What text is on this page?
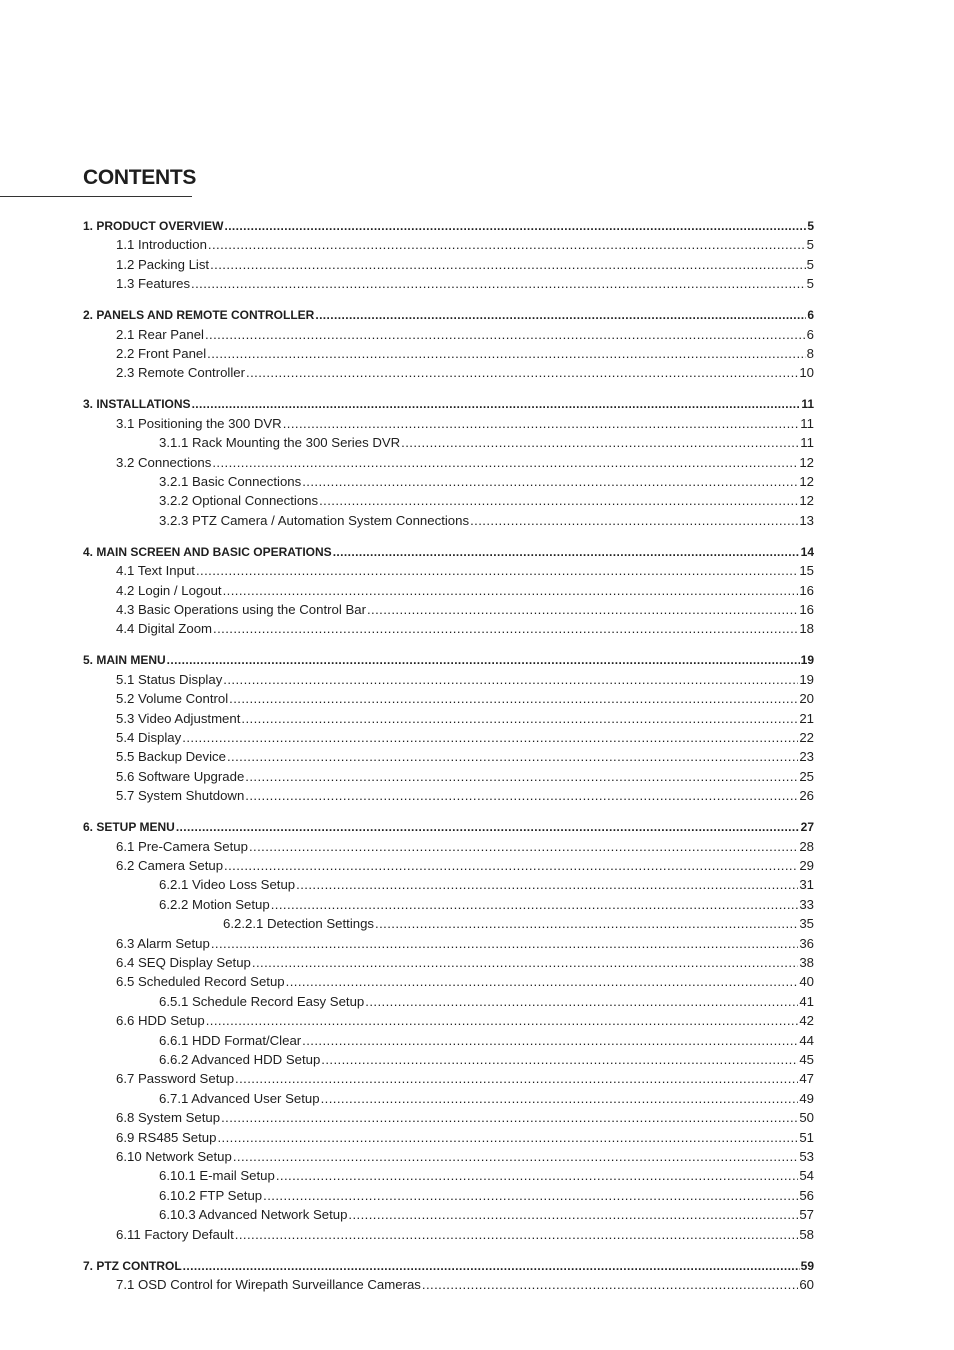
CONTENTS
1. PRODUCT OVERVIEW .....	5
1.1 Introduction .....	5
1.2 Packing List .....	5
1.3 Features .....	5
2. PANELS AND REMOTE CONTROLLER .....	6
2.1 Rear Panel .....	6
2.2 Front Panel .....	8
2.3 Remote Controller .....	10
3. INSTALLATIONS .....	11
3.1 Positioning the 300 DVR .....	11
3.1.1 Rack Mounting the 300 Series DVR .....	11
3.2 Connections .....	12
3.2.1 Basic Connections .....	12
3.2.2 Optional Connections .....	12
3.2.3 PTZ Camera / Automation System Connections .....	13
4. MAIN SCREEN AND BASIC OPERATIONS .....	14
4.1 Text Input .....	15
4.2 Login / Logout .....	16
4.3 Basic Operations using the Control Bar .....	16
4.4 Digital Zoom .....	18
5. MAIN MENU .....	19
5.1 Status Display .....	19
5.2 Volume Control .....	20
5.3 Video Adjustment .....	21
5.4 Display .....	22
5.5 Backup Device .....	23
5.6 Software Upgrade .....	25
5.7 System Shutdown .....	26
6. SETUP MENU .....	27
6.1 Pre-Camera Setup .....	28
6.2 Camera Setup .....	29
6.2.1 Video Loss Setup .....	31
6.2.2 Motion Setup .....	33
6.2.2.1 Detection Settings .....	35
6.3 Alarm Setup .....	36
6.4 SEQ Display Setup .....	38
6.5 Scheduled Record Setup .....	40
6.5.1 Schedule Record Easy Setup .....	41
6.6 HDD Setup .....	42
6.6.1 HDD Format/Clear .....	44
6.6.2 Advanced HDD Setup .....	45
6.7 Password Setup .....	47
6.7.1 Advanced User Setup .....	49
6.8 System Setup .....	50
6.9 RS485 Setup .....	51
6.10 Network Setup .....	53
6.10.1 E-mail Setup .....	54
6.10.2 FTP Setup .....	56
6.10.3 Advanced Network Setup .....	57
6.11 Factory Default .....	58
7. PTZ CONTROL .....	59
7.1 OSD Control for Wirepath Surveillance Cameras .....	60
